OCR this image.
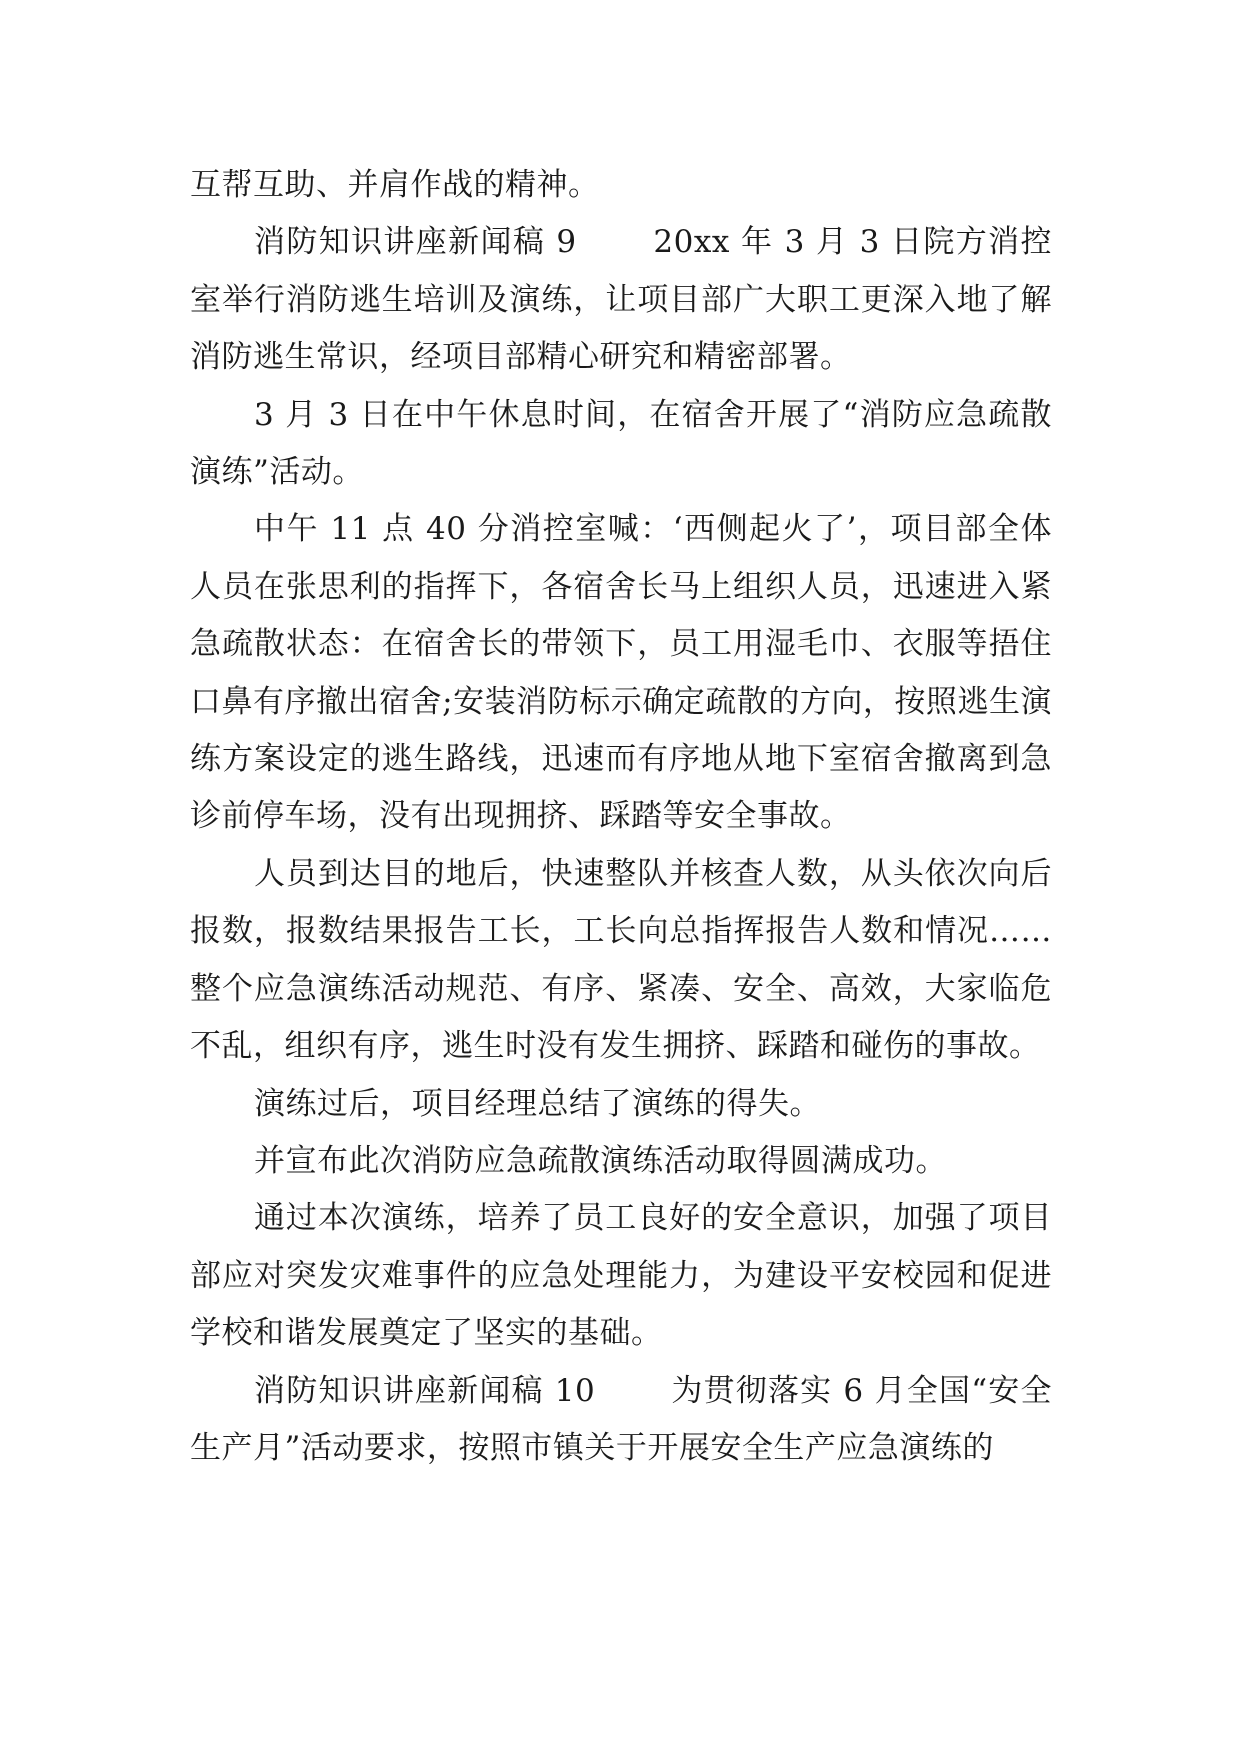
互帮互助、并肩作战的精神。

消防知识讲座新闻稿 9　　 20xx 年 3 月 3 日院方消控室举行消防逃生培训及演练，让项目部广大职工更深入地了解消防逃生常识，经项目部精心研究和精密部署。

3 月 3 日在中午休息时间，在宿舍开展了“消防应急疏散演练”活动。

中午 11 点 40 分消控室喊：‘西侧起火了’，项目部全体人员在张思利的指挥下，各宿舍长马上组织人员，迅速进入紧急疏散状态：在宿舍长的带领下，员工用湿毛巾、衣服等捂住口鼻有序撤出宿舍;安装消防标示确定疏散的方向，按照逃生演练方案设定的逃生路线，迅速而有序地从地下室宿舍撤离到急诊前停车场，没有出现拥挤、踩踏等安全事故。

人员到达目的地后，快速整队并核查人数，从头依次向后报数，报数结果报告工长，工长向总指挥报告人数和情况……整个应急演练活动规范、有序、紧凑、安全、高效，大家临危不乱，组织有序，逃生时没有发生拥挤、踩踏和碰伤的事故。

演练过后，项目经理总结了演练的得失。

并宣布此次消防应急疏散演练活动取得圆满成功。

通过本次演练，培养了员工良好的安全意识，加强了项目部应对突发灾难事件的应急处理能力，为建设平安校园和促进学校和谐发展奠定了坚实的基础。

消防知识讲座新闻稿 10　　 为贯彻落实 6 月全国“安全生产月”活动要求，按照市镇关于开展安全生产应急演练的
